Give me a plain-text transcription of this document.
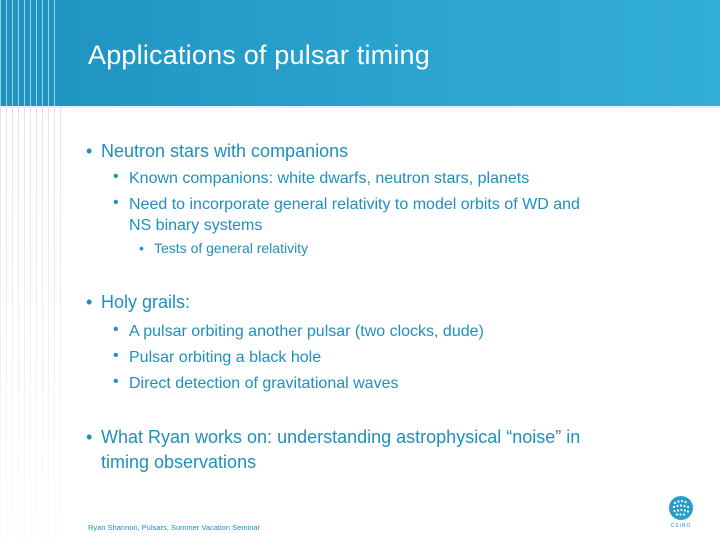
Applications of pulsar timing
• Neutron stars with companions
• Known companions: white dwarfs, neutron stars, planets
• Need to incorporate general relativity to model orbits of WD and
NS binary systems
• Tests of general relativity
• Holy grails:
• A pulsar orbiting another pulsar (two clocks, dude)
• Pulsar orbiting a black hole
• Direct detection of gravitational waves
• What Ryan works on: understanding astrophysical “noise” in
timing observations
Ryan Shannon, Pulsars, Summer Vacation Seminar	CSIRO
